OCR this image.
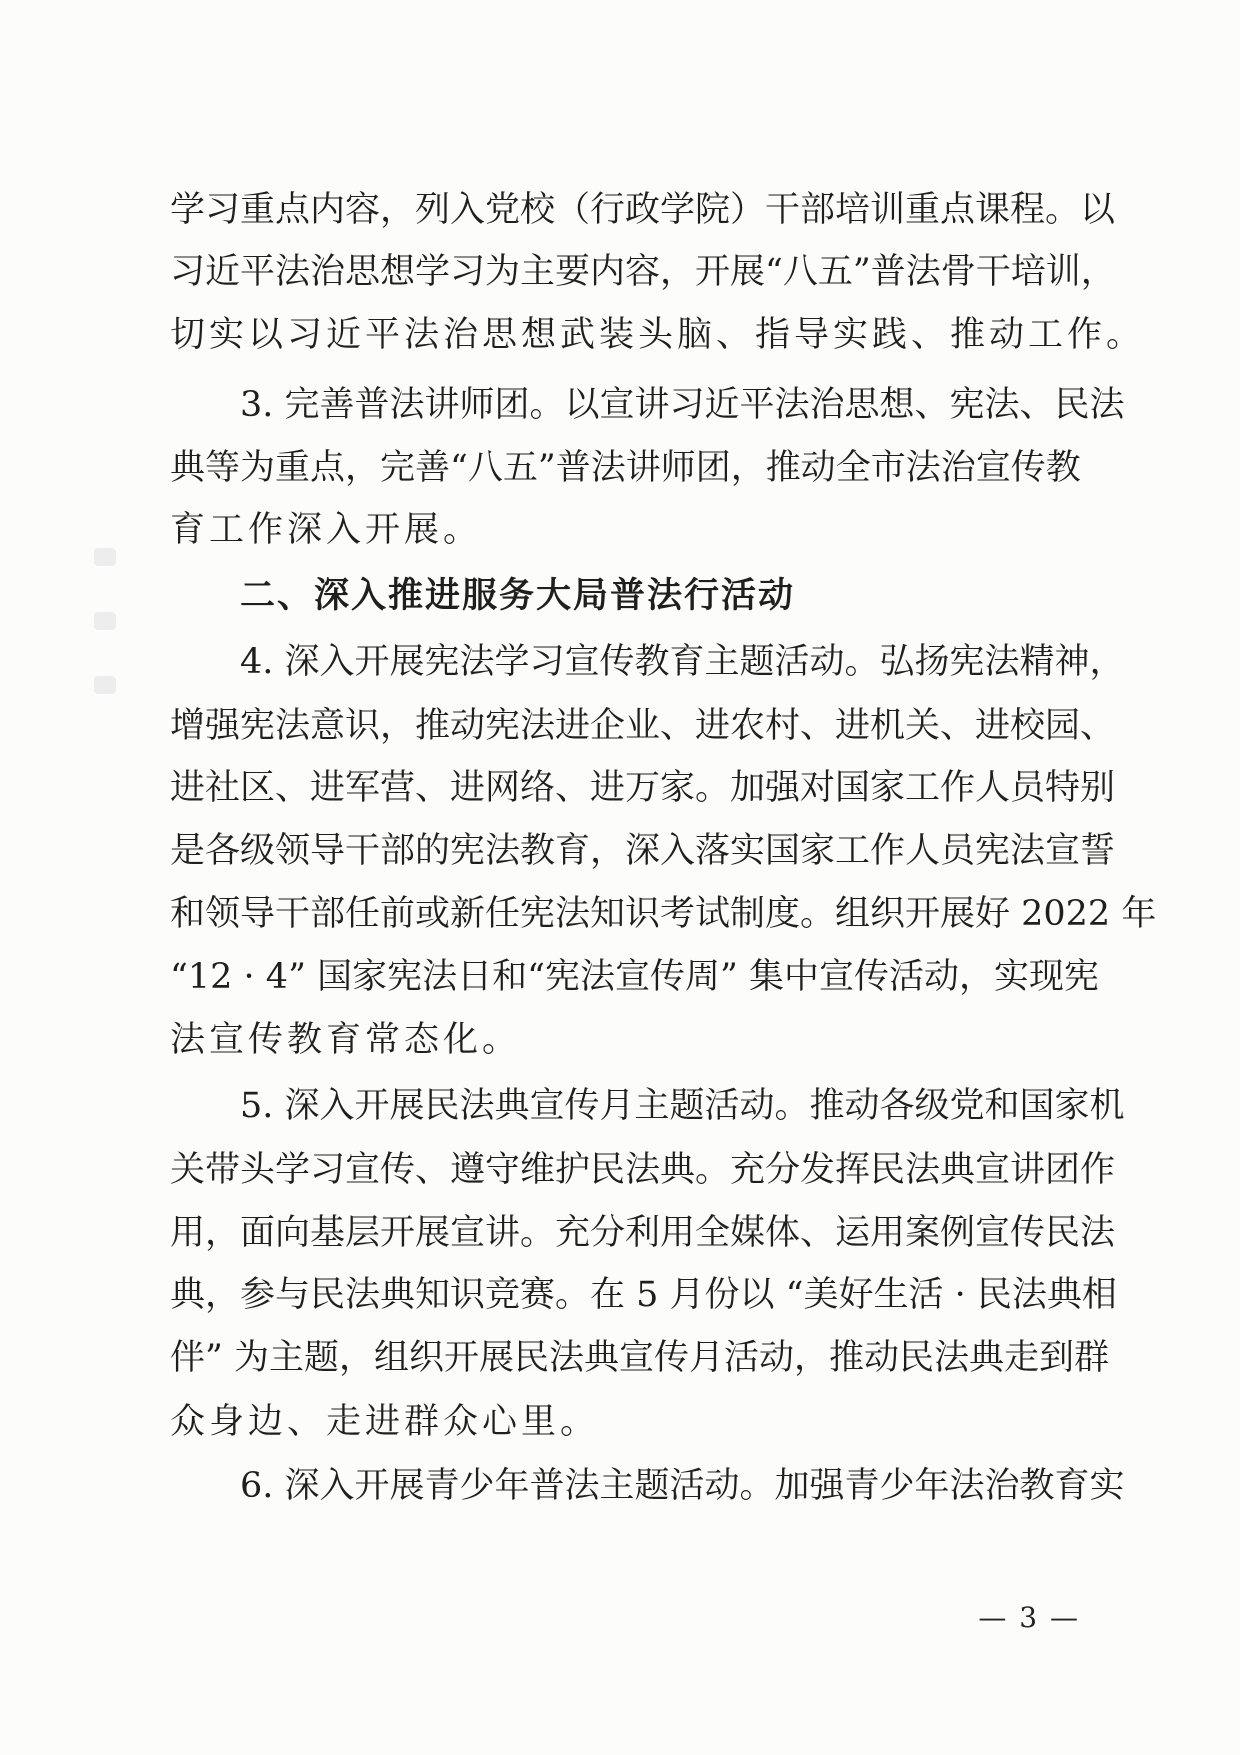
学习重点内容，列入党校（行政学院）干部培训重点课程。以
习近平法治思想学习为主要内容，开展“八五”普法骨干培训，
切实以习近平法治思想武装头脑、指导实践、推动工作。
3. 完善普法讲师团。以宣讲习近平法治思想、宪法、民法
典等为重点，完善“八五”普法讲师团，推动全市法治宣传教
育工作深入开展。
二、深入推进服务大局普法行活动
4. 深入开展宪法学习宣传教育主题活动。弘扬宪法精神，
增强宪法意识，推动宪法进企业、进农村、进机关、进校园、
进社区、进军营、进网络、进万家。加强对国家工作人员特别
是各级领导干部的宪法教育，深入落实国家工作人员宪法宣誓
和领导干部任前或新任宪法知识考试制度。组织开展好 2022 年
“12 · 4” 国家宪法日和“宪法宣传周” 集中宣传活动，实现宪
法宣传教育常态化。
5. 深入开展民法典宣传月主题活动。推动各级党和国家机
关带头学习宣传、遵守维护民法典。充分发挥民法典宣讲团作
用，面向基层开展宣讲。充分利用全媒体、运用案例宣传民法
典，参与民法典知识竞赛。在 5 月份以 “美好生活 · 民法典相
伴” 为主题，组织开展民法典宣传月活动，推动民法典走到群
众身边、走进群众心里。
6. 深入开展青少年普法主题活动。加强青少年法治教育实
— 3 —
